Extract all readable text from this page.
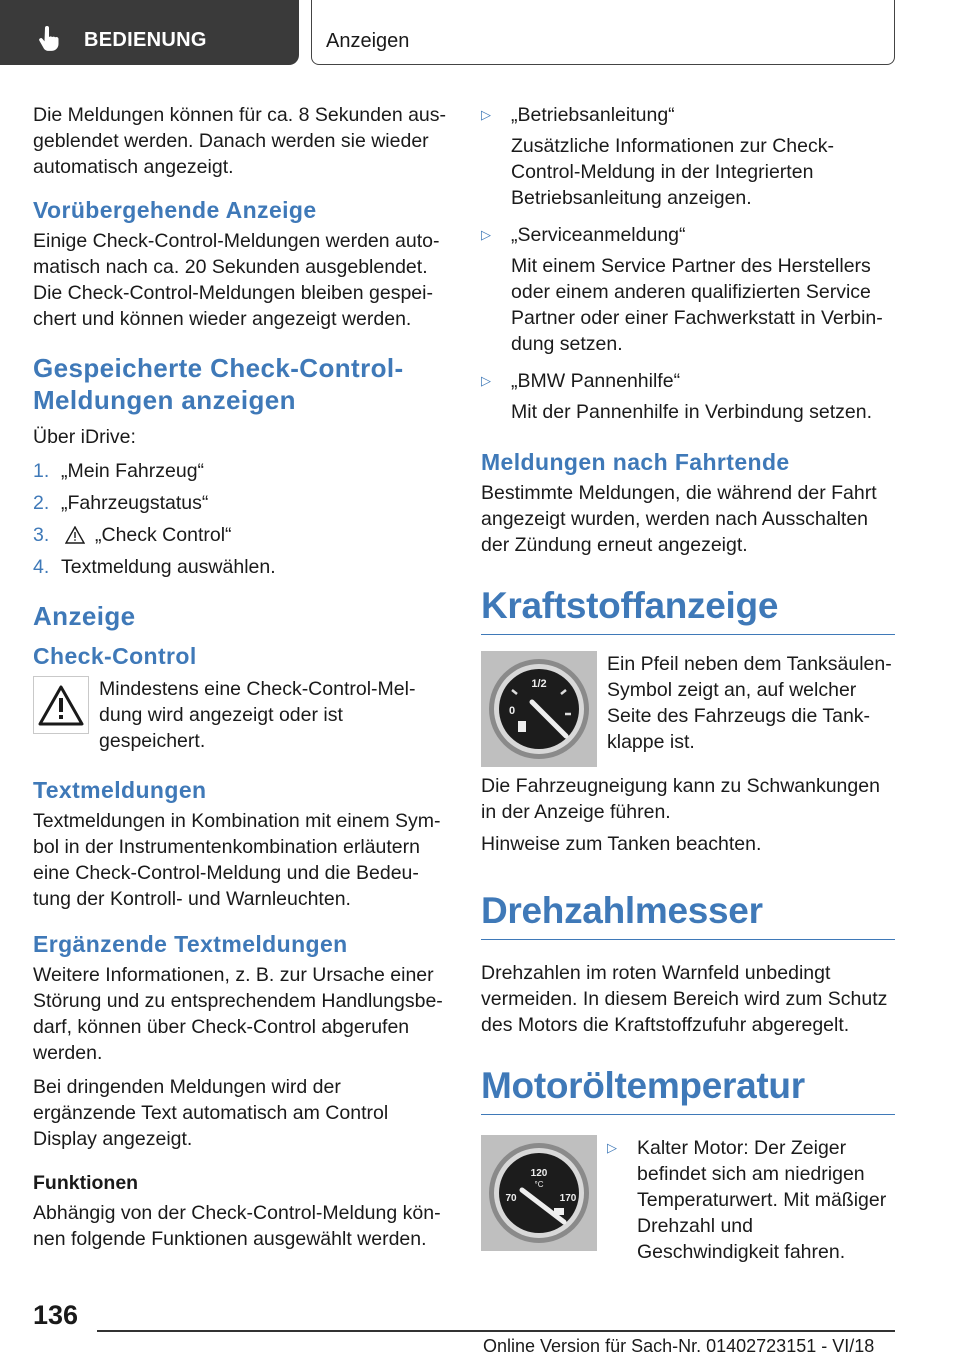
BEDIENUNG	Anzeigen

Die Meldungen können für ca. 8 Sekunden ausgeblendet werden. Danach werden sie wieder automatisch angezeigt.

Vorübergehende Anzeige

Einige Check-Control-Meldungen werden automatisch nach ca. 20 Sekunden ausgeblendet. Die Check-Control-Meldungen bleiben gespeichert und können wieder angezeigt werden.

Gespeicherte Check-Control-Meldungen anzeigen

Über iDrive:

1. „Mein Fahrzeug“
2. „Fahrzeugstatus“
3.	„Check Control“
4. Textmeldung auswählen.
Anzeige
Check-Control

Mindestens eine Check-Control-Meldung wird angezeigt oder ist gespeichert.

Textmeldungen

Textmeldungen in Kombination mit einem Symbol in der Instrumentenkombination erläutern eine Check-Control-Meldung und die Bedeutung der Kontroll- und Warnleuchten.

Ergänzende Textmeldungen

Weitere Informationen, z. B. zur Ursache einer Störung und zu entsprechendem Handlungsbedarf, können über Check-Control abgerufen werden.

Bei dringenden Meldungen wird der ergänzende Text automatisch am Control Display angezeigt.

Funktionen

Abhängig von der Check-Control-Meldung können folgende Funktionen ausgewählt werden.

▷	„Betriebsanleitung“

Zusätzliche Informationen zur Check-Control-Meldung in der Integrierten Betriebsanleitung anzeigen.

▷	„Serviceanmeldung“

Mit einem Service Partner des Herstellers oder einem anderen qualifizierten Service Partner oder einer Fachwerkstatt in Verbindung setzen.

▷	„BMW Pannenhilfe“

Mit der Pannenhilfe in Verbindung setzen.

Meldungen nach Fahrtende

Bestimmte Meldungen, die während der Fahrt angezeigt wurden, werden nach Ausschalten der Zündung erneut angezeigt.

Kraftstoffanzeige
1/2
0

Ein Pfeil neben dem Tanksäulen-Symbol zeigt an, auf welcher Seite des Fahrzeugs die Tankklappe ist.

Die Fahrzeugneigung kann zu Schwankungen in der Anzeige führen.

Hinweise zum Tanken beachten.

Drehzahlmesser

Drehzahlen im roten Warnfeld unbedingt vermeiden. In diesem Bereich wird zum Schutz des Motors die Kraftstoffzufuhr abgeregelt.

Motoröltemperatur
120
°C
70	170
▷	Kalter Motor: Der Zeiger befindet sich am niedrigen Temperaturwert. Mit mäßiger Drehzahl und Geschwindigkeit fahren.

136
Online Version für Sach-Nr. 01402723151 - VI/18
